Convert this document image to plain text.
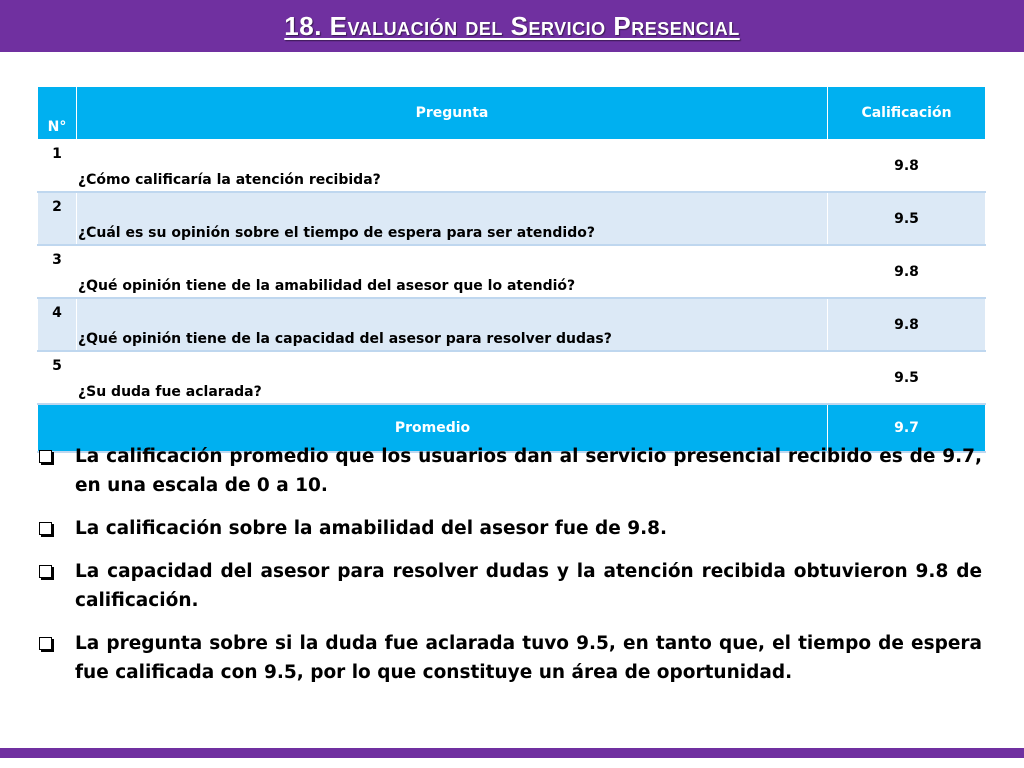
18. Evaluación del Servicio Presencial
N°	Pregunta	Calificación
1	¿Cómo calificaría la atención recibida?	9.8
2	¿Cuál es su opinión sobre el tiempo de espera para ser atendido?	9.5
3	¿Qué opinión tiene de la amabilidad del asesor que lo atendió?	9.8
4	¿Qué opinión tiene de la capacidad del asesor para resolver dudas?	9.8
5	¿Su duda fue aclarada?	9.5
Promedio		9.7
La calificación promedio que los usuarios dan al servicio presencial recibido es de 9.7, en una escala de 0 a 10.
La calificación sobre la amabilidad del asesor fue de 9.8.
La capacidad del asesor para resolver dudas y la atención recibida obtuvieron 9.8 de calificación.
La pregunta sobre si la duda fue aclarada tuvo 9.5, en tanto que, el tiempo de espera fue calificada con 9.5, por lo que constituye un área de oportunidad.
